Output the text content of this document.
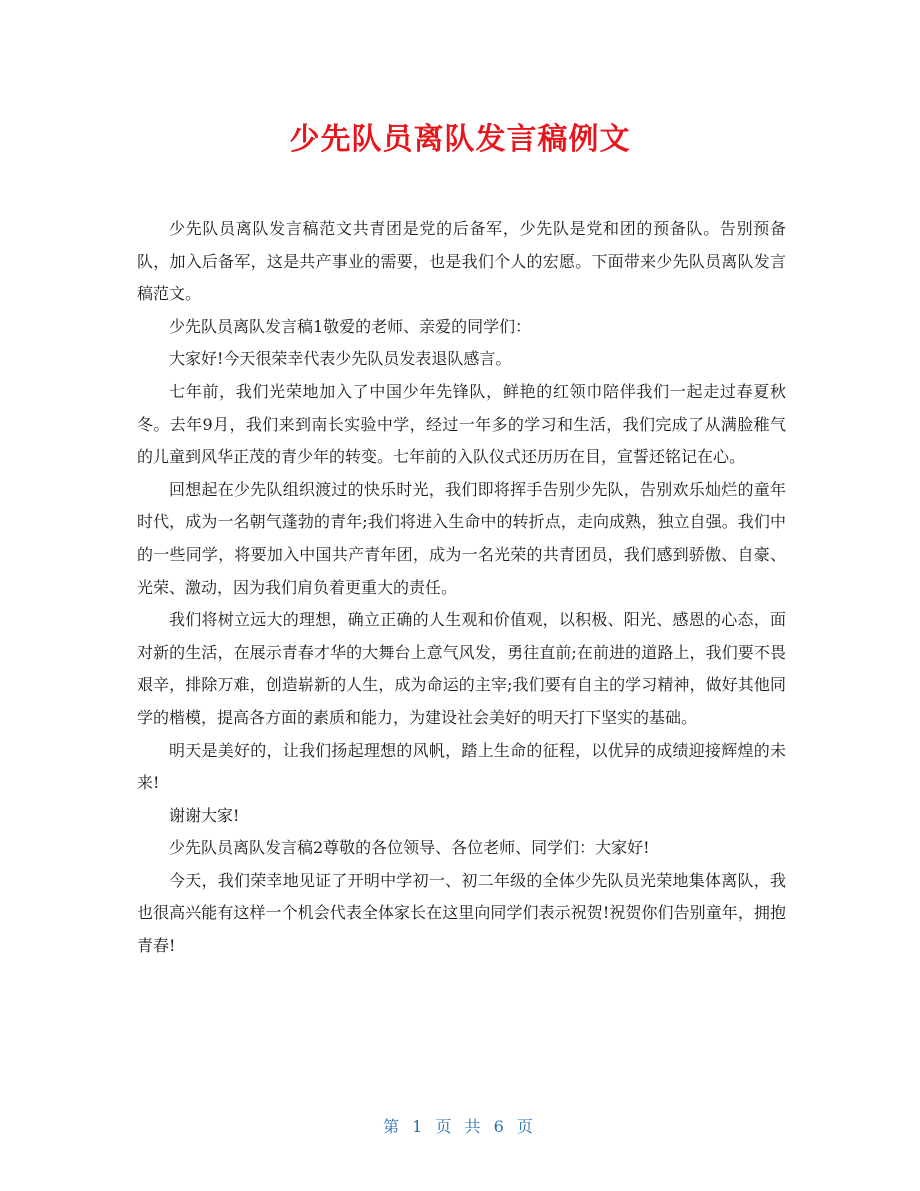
少先队员离队发言稿例文

少先队员离队发言稿范文共青团是党的后备军，少先队是党和团的预备队。告别预备队，加入后备军，这是共产事业的需要，也是我们个人的宏愿。下面带来少先队员离队发言稿范文。

少先队员离队发言稿1敬爱的老师、亲爱的同学们：

大家好!今天很荣幸代表少先队员发表退队感言。

七年前，我们光荣地加入了中国少年先锋队，鲜艳的红领巾陪伴我们一起走过春夏秋冬。去年9月，我们来到南长实验中学，经过一年多的学习和生活，我们完成了从满脸稚气的儿童到风华正茂的青少年的转变。七年前的入队仪式还历历在目，宣誓还铭记在心。

回想起在少先队组织渡过的快乐时光，我们即将挥手告别少先队，告别欢乐灿烂的童年时代，成为一名朝气蓬勃的青年;我们将进入生命中的转折点，走向成熟，独立自强。我们中的一些同学，将要加入中国共产青年团，成为一名光荣的共青团员，我们感到骄傲、自豪、光荣、激动，因为我们肩负着更重大的责任。

我们将树立远大的理想，确立正确的人生观和价值观，以积极、阳光、感恩的心态，面对新的生活，在展示青春才华的大舞台上意气风发，勇往直前;在前进的道路上，我们要不畏艰辛，排除万难，创造崭新的人生，成为命运的主宰;我们要有自主的学习精神，做好其他同学的楷模，提高各方面的素质和能力，为建设社会美好的明天打下坚实的基础。

明天是美好的，让我们扬起理想的风帆，踏上生命的征程，以优异的成绩迎接辉煌的未来!

谢谢大家!

少先队员离队发言稿2尊敬的各位领导、各位老师、同学们：大家好!

今天，我们荣幸地见证了开明中学初一、初二年级的全体少先队员光荣地集体离队，我也很高兴能有这样一个机会代表全体家长在这里向同学们表示祝贺!祝贺你们告别童年，拥抱青春!

第 1 页 共 6 页
